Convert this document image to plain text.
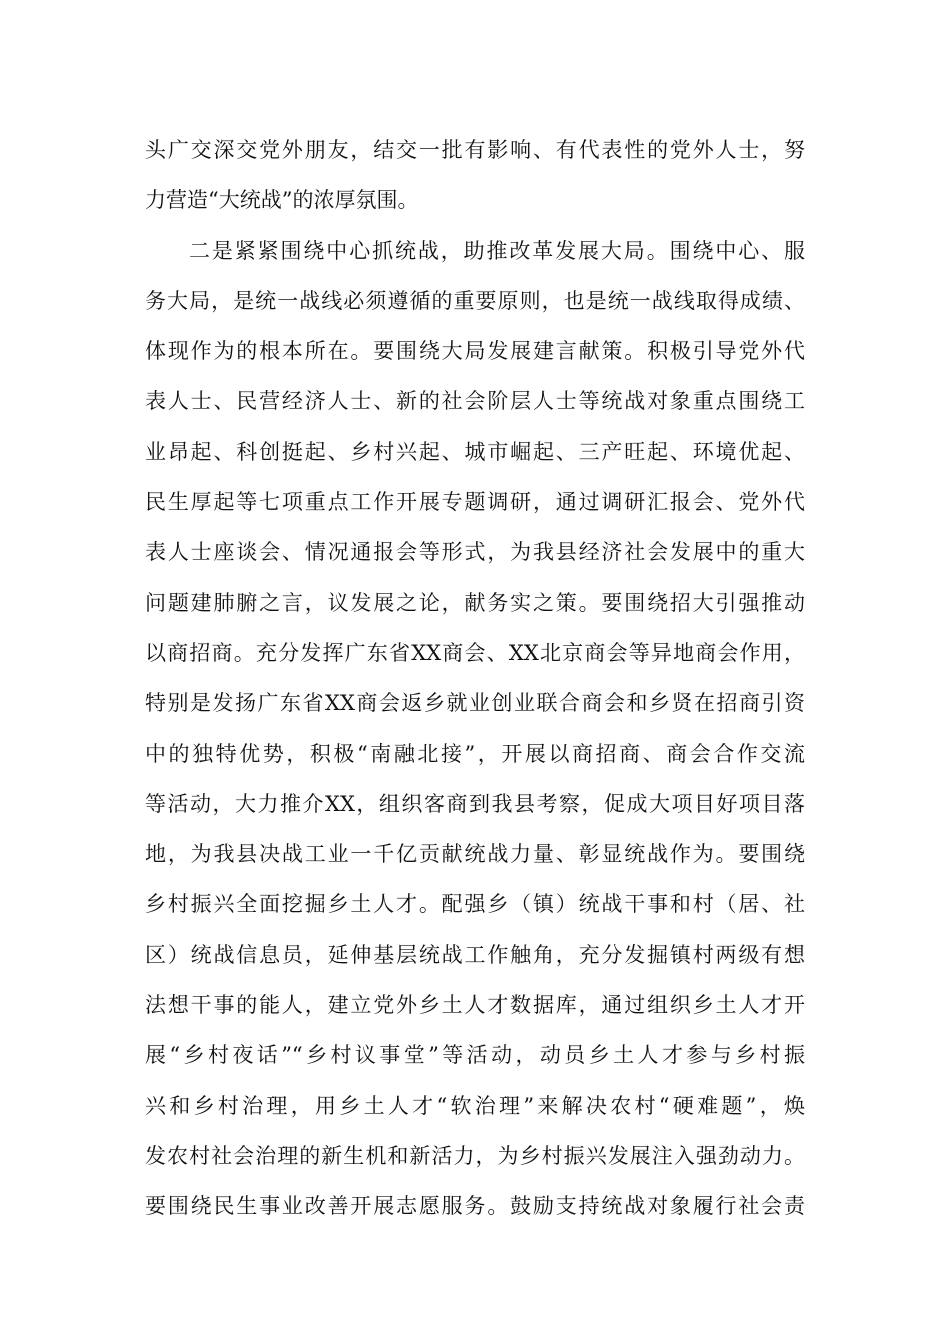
头广交深交党外朋友，结交一批有影响、有代表性的党外人士，努
力营造“大统战”的浓厚氛围。
二是紧紧围绕中心抓统战，助推改革发展大局。围绕中心、服
务大局，是统一战线必须遵循的重要原则，也是统一战线取得成绩、
体现作为的根本所在。要围绕大局发展建言献策。积极引导党外代
表人士、民营经济人士、新的社会阶层人士等统战对象重点围绕工
业昂起、科创挺起、乡村兴起、城市崛起、三产旺起、环境优起、
民生厚起等七项重点工作开展专题调研，通过调研汇报会、党外代
表人士座谈会、情况通报会等形式，为我县经济社会发展中的重大
问题建肺腑之言，议发展之论，献务实之策。要围绕招大引强推动
以商招商。充分发挥广东省XX商会、XX北京商会等异地商会作用，
特别是发扬广东省XX商会返乡就业创业联合商会和乡贤在招商引资
中的独特优势，积极“南融北接”，开展以商招商、商会合作交流
等活动，大力推介XX，组织客商到我县考察，促成大项目好项目落
地，为我县决战工业一千亿贡献统战力量、彰显统战作为。要围绕
乡村振兴全面挖掘乡土人才。配强乡（镇）统战干事和村（居、社
区）统战信息员，延伸基层统战工作触角，充分发掘镇村两级有想
法想干事的能人，建立党外乡土人才数据库，通过组织乡土人才开
展“乡村夜话”“乡村议事堂”等活动，动员乡土人才参与乡村振
兴和乡村治理，用乡土人才“软治理”来解决农村“硬难题”，焕
发农村社会治理的新生机和新活力，为乡村振兴发展注入强劲动力。
要围绕民生事业改善开展志愿服务。鼓励支持统战对象履行社会责
